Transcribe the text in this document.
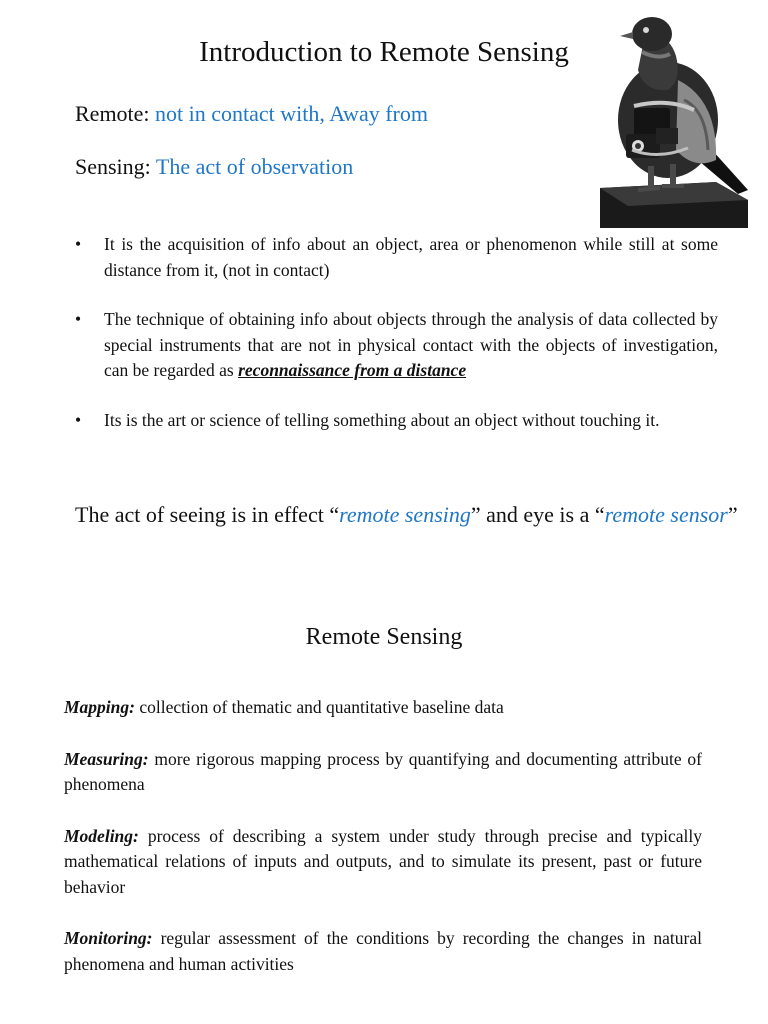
Introduction to Remote Sensing
Remote: not in contact with, Away from
Sensing: The act of observation
• It is the acquisition of info about an object, area or phenomenon while still at some distance from it, (not in contact)
• The technique of obtaining info about objects through the analysis of data collected by special instruments that are not in physical contact with the objects of investigation, can be regarded as reconnaissance from a distance
• Its is the art or science of telling something about an object without touching it.
The act of seeing is in effect “remote sensing” and eye is a “remote sensor”
Remote Sensing

Mapping: collection of thematic and quantitative baseline data

Measuring: more rigorous mapping process by quantifying and documenting attribute of phenomena

Modeling: process of describing a system under study through precise and typically mathematical relations of inputs and outputs, and to simulate its present, past or future behavior

Monitoring: regular assessment of the conditions by recording the changes in natural phenomena and human activities
